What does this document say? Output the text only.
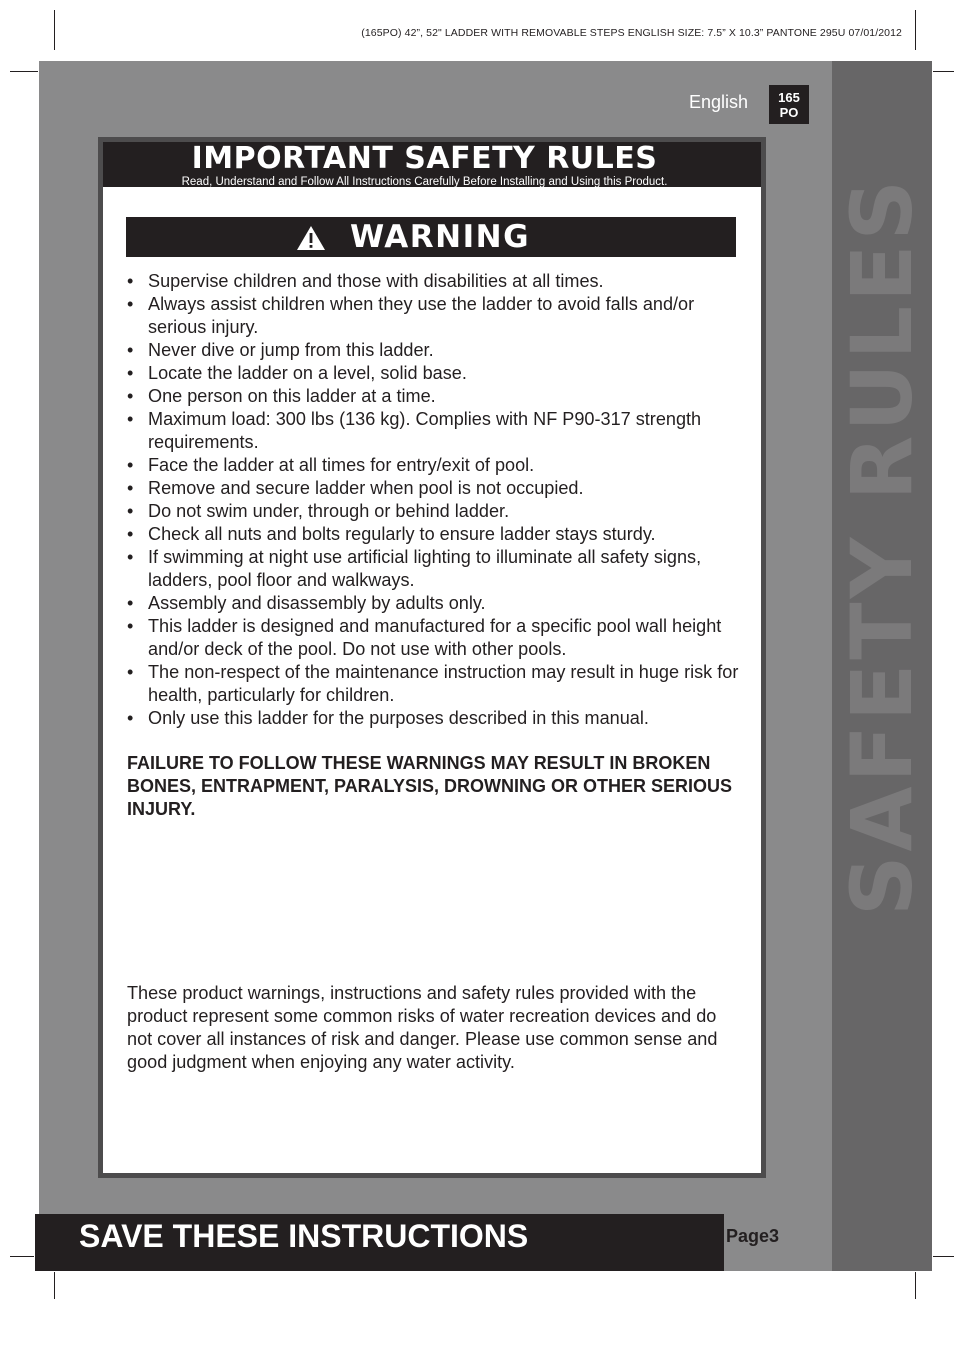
(165PO) 42”, 52" LADDER WITH REMOVABLE STEPS ENGLISH SIZE: 7.5” X 10.3” PANTONE 295U 07/01/2012
SAFETY RULES
English	165
PO
IMPORTANT SAFETY RULES
Read, Understand and Follow All Instructions Carefully Before Installing and Using this Product.
WARNING
• Supervise children and those with disabilities at all times.
• Always assist children when they use the ladder to avoid falls and/or serious injury.
• Never dive or jump from this ladder.
• Locate the ladder on a level, solid base.
• One person on this ladder at a time.
• Maximum load: 300 lbs (136 kg). Complies with NF P90-317 strength requirements.
• Face the ladder at all times for entry/exit of pool.
• Remove and secure ladder when pool is not occupied.
• Do not swim under, through or behind ladder.
• Check all nuts and bolts regularly to ensure ladder stays sturdy.
• If swimming at night use artificial lighting to illuminate all safety signs, ladders, pool floor and walkways.
• Assembly and disassembly by adults only.
• This ladder is designed and manufactured for a specific pool wall height and/or deck of the pool. Do not use with other pools.
• The non-respect of the maintenance instruction may result in huge risk for health, particularly for children.
• Only use this ladder for the purposes described in this manual.

FAILURE TO FOLLOW THESE WARNINGS MAY RESULT IN BROKEN BONES, ENTRAPMENT, PARALYSIS, DROWNING OR OTHER SERIOUS INJURY.

These product warnings, instructions and safety rules provided with the product represent some common risks of water recreation devices and do not cover all instances of risk and danger. Please use common sense and good judgment when enjoying any water activity.

SAVE THESE INSTRUCTIONS	Page3
